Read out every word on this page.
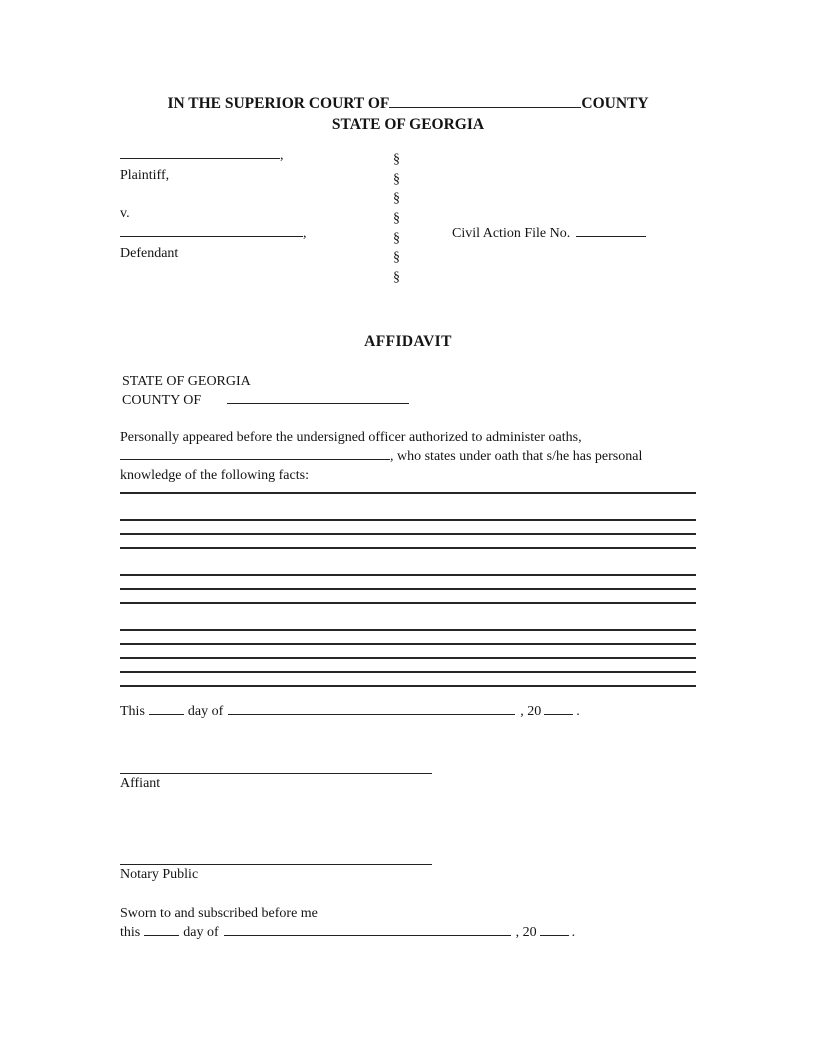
IN THE SUPERIOR COURT OF	COUNTY
STATE OF GEORGIA
,
Plaintiff,
v.
,
Defendant
§
§
§
§
§
§
§
Civil Action File No.
AFFIDAVIT
STATE OF GEORGIA
COUNTY OF
Personally appeared before the undersigned officer authorized to administer oaths,
, who states under oath that s/he has personal
knowledge of the following facts:
This	day of	, 20	.
Affiant
Notary Public
Sworn to and subscribed before me
this	day of	, 20	.
